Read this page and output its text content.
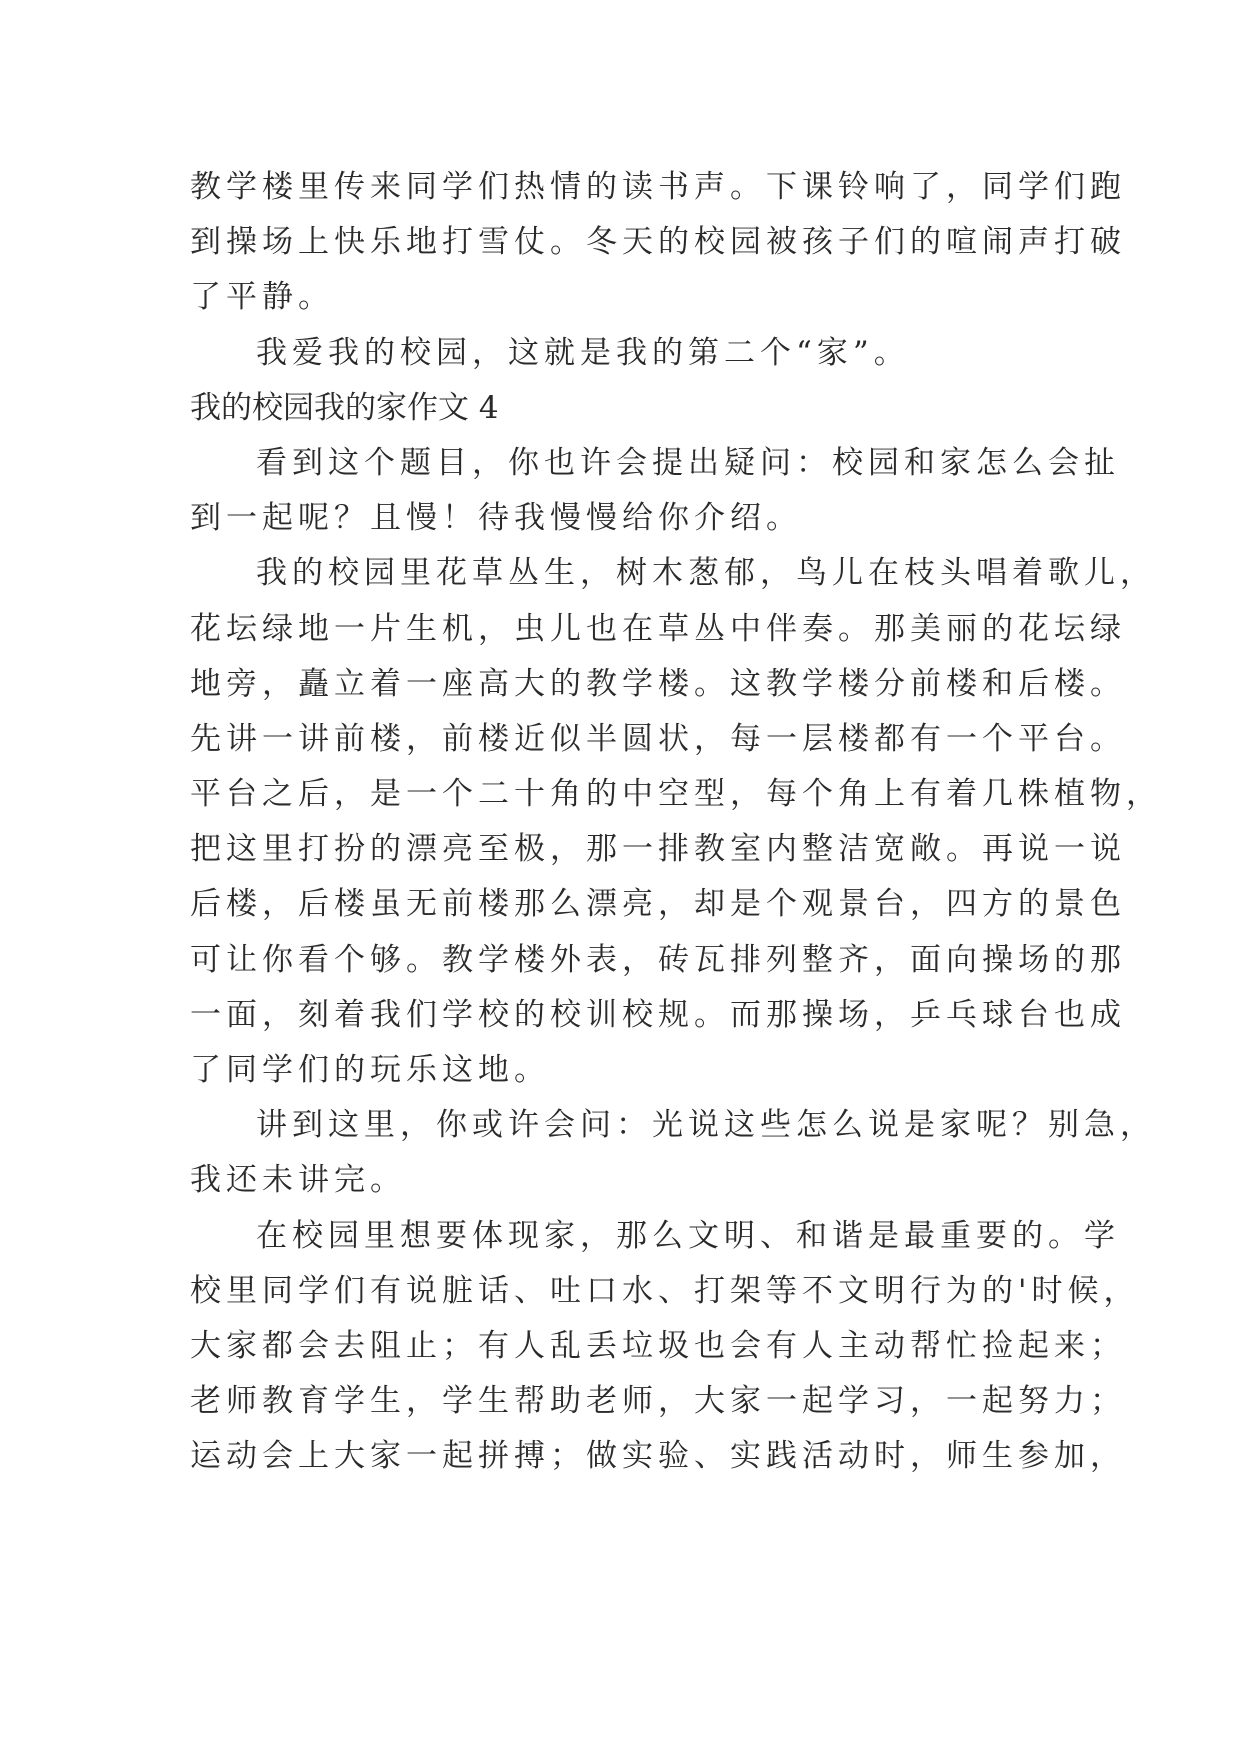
教学楼里传来同学们热情的读书声。下课铃响了，同学们跑
到操场上快乐地打雪仗。冬天的校园被孩子们的喧闹声打破
了平静。
我爱我的校园，这就是我的第二个“家”。
我的校园我的家作文 4
看到这个题目，你也许会提出疑问：校园和家怎么会扯
到一起呢？且慢！待我慢慢给你介绍。
我的校园里花草丛生，树木葱郁，鸟儿在枝头唱着歌儿，
花坛绿地一片生机，虫儿也在草丛中伴奏。那美丽的花坛绿
地旁，矗立着一座高大的教学楼。这教学楼分前楼和后楼。
先讲一讲前楼，前楼近似半圆状，每一层楼都有一个平台。
平台之后，是一个二十角的中空型，每个角上有着几株植物，
把这里打扮的漂亮至极，那一排教室内整洁宽敞。再说一说
后楼，后楼虽无前楼那么漂亮，却是个观景台，四方的景色
可让你看个够。教学楼外表，砖瓦排列整齐，面向操场的那
一面，刻着我们学校的校训校规。而那操场，乒乓球台也成
了同学们的玩乐这地。
讲到这里，你或许会问：光说这些怎么说是家呢？别急，
我还未讲完。
在校园里想要体现家，那么文明、和谐是最重要的。学
校里同学们有说脏话、吐口水、打架等不文明行为的'时候，
大家都会去阻止；有人乱丢垃圾也会有人主动帮忙捡起来；
老师教育学生，学生帮助老师，大家一起学习，一起努力；
运动会上大家一起拼搏；做实验、实践活动时，师生参加，
